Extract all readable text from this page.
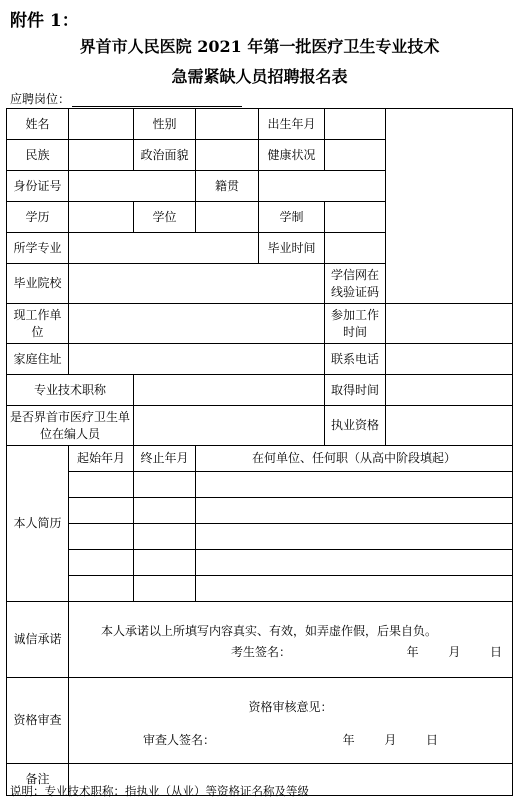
附件 1：
界首市人民医院 2021 年第一批医疗卫生专业技术
急需紧缺人员招聘报名表
应聘岗位：
姓名		性别		出生年月		
民族		政治面貌		健康状况		
身份证号			籍贯			
学历		学位		学制		
所学专业				毕业时间		
毕业院校					学信网在线验证码	
现工作单位					参加工作时间	
家庭住址					联系电话	
专业技术职称					取得时间	
是否界首市医疗卫生单位在编人员					执业资格	
本人简历	起始年月	终止年月	在何单位、任何职（从高中阶段填起）			

诚信承诺	本人承诺以上所填写内容真实、有效，如弄虚作假，后果自负。
考生签名： 年 月 日					

资格审查	资格审核意见：
审查人签名： 年 月 日					

备注						
说明：专业技术职称：指执业（从业）等资格证名称及等级
